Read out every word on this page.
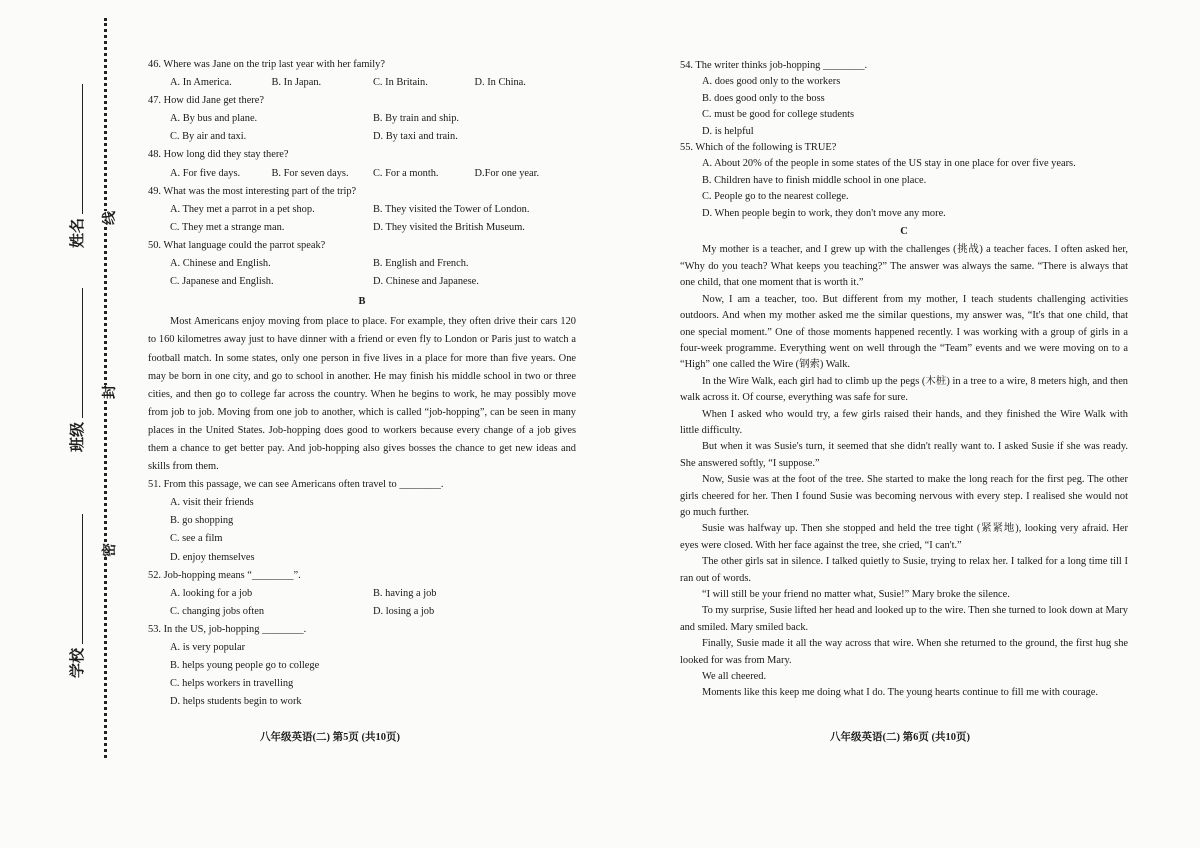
线
封
密
姓名
班级
学校

46. Where was Jane on the trip last year with her family?

A. In America.	B. In Japan.	C. In Britain.	D. In China.

47. How did Jane get there?

A. By bus and plane.	B. By train and ship.
C. By air and taxi.	D. By taxi and train.

48. How long did they stay there?

A. For five days.	B. For seven days.	C. For a month.	D.For one year.

49. What was the most interesting part of the trip?

A. They met a parrot in a pet shop.	B. They visited the Tower of London.
C. They met a strange man.	D. They visited the British Museum.

50. What language could the parrot speak?

A. Chinese and English.	B. English and French.
C. Japanese and English.	D. Chinese and Japanese.
B

Most Americans enjoy moving from place to place. For example, they often drive their cars 120 to 160 kilometres away just to have dinner with a friend or even fly to London or Paris just to watch a football match. In some states, only one person in five lives in a place for more than five years. One may be born in one city, and go to school in another. He may finish his middle school in two or three cities, and then go to college far across the country. When he begins to work, he may possibly move from job to job. Moving from one job to another, which is called “job-hopping”, can be seen in many places in the United States. Job-hopping does good to workers because every change of a job gives them a chance to get better pay. And job-hopping also gives bosses the chance to get new ideas and skills from them.

51. From this passage, we can see Americans often travel to ________.

A. visit their friends
B. go shopping
C. see a film
D. enjoy themselves

52. Job-hopping means “________”.

A. looking for a job	B. having a job
C. changing jobs often	D. losing a job

53. In the US, job-hopping ________.

A. is very popular
B. helps young people go to college
C. helps workers in travelling
D. helps students begin to work
八年级英语(二) 第5页 (共10页)

54. The writer thinks job-hopping ________.

A. does good only to the workers
B. does good only to the boss
C. must be good for college students
D. is helpful

55. Which of the following is TRUE?

A. About 20% of the people in some states of the US stay in one place for over five years.
B. Children have to finish middle school in one place.
C. People go to the nearest college.
D. When people begin to work, they don't move any more.
C

My mother is a teacher, and I grew up with the challenges (挑战) a teacher faces. I often asked her, “Why do you teach? What keeps you teaching?” The answer was always the same. “There is always that one child, that one moment that is worth it.”

Now, I am a teacher, too. But different from my mother, I teach students challenging activities outdoors. And when my mother asked me the similar questions, my answer was, “It's that one child, that one special moment.” One of those moments happened recently. I was working with a group of girls in a four-week programme. Everything went on well through the “Team” events and we were moving on to a “High” one called the Wire (钢索) Walk.

In the Wire Walk, each girl had to climb up the pegs (木桩) in a tree to a wire, 8 meters high, and then walk across it. Of course, everything was safe for sure.

When I asked who would try, a few girls raised their hands, and they finished the Wire Walk with little difficulty.

But when it was Susie's turn, it seemed that she didn't really want to. I asked Susie if she was ready. She answered softly, “I suppose.”

Now, Susie was at the foot of the tree. She started to make the long reach for the first peg. The other girls cheered for her. Then I found Susie was becoming nervous with every step. I realised she would not go much further.

Susie was halfway up. Then she stopped and held the tree tight (紧紧地), looking very afraid. Her eyes were closed. With her face against the tree, she cried, “I can't.”

The other girls sat in silence. I talked quietly to Susie, trying to relax her. I talked for a long time till I ran out of words.

“I will still be your friend no matter what, Susie!” Mary broke the silence.

To my surprise, Susie lifted her head and looked up to the wire. Then she turned to look down at Mary and smiled. Mary smiled back.

Finally, Susie made it all the way across that wire. When she returned to the ground, the first hug she looked for was from Mary.

We all cheered.

Moments like this keep me doing what I do. The young hearts continue to fill me with courage.

八年级英语(二) 第6页 (共10页)
